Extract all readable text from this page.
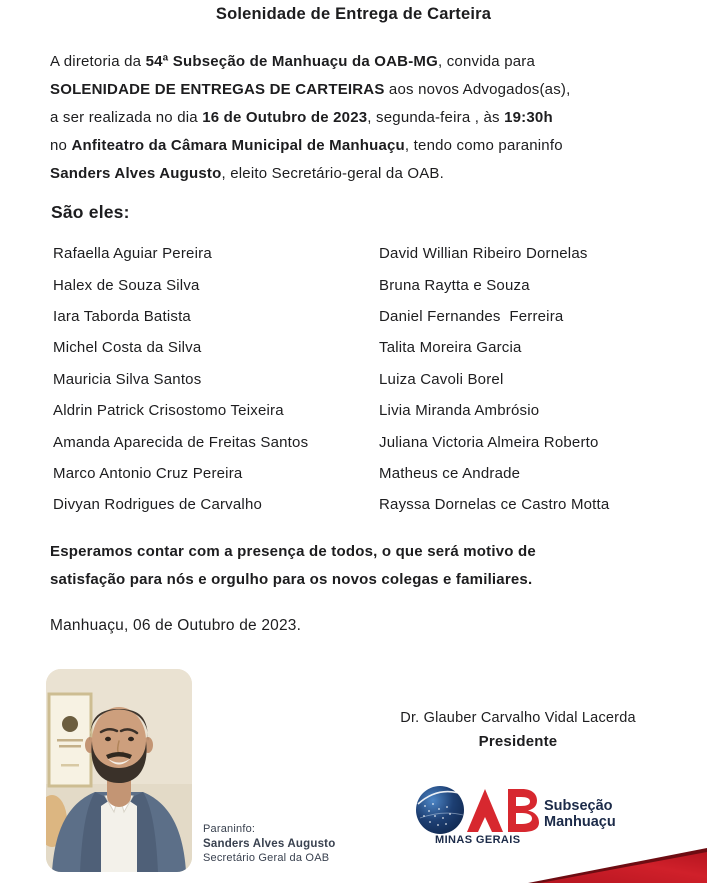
Solenidade de Entrega de Carteira

A diretoria da 54ª Subseção de Manhuaçu da OAB-MG, convida para
SOLENIDADE DE ENTREGAS DE CARTEIRAS aos novos Advogados(as),
a ser realizada no dia 16 de Outubro de 2023, segunda-feira , às 19:30h
no Anfiteatro da Câmara Municipal de Manhuaçu, tendo como paraninfo
Sanders Alves Augusto, eleito Secretário-geral da OAB.

São eles:
Rafaella Aguiar Pereira	David Willian Ribeiro Dornelas
Halex de Souza Silva	Bruna Raytta e Souza
Iara Taborda Batista	Daniel Fernandes  Ferreira
Michel Costa da Silva	Talita Moreira Garcia
Mauricia Silva Santos	Luiza Cavoli Borel
Aldrin Patrick Crisostomo Teixeira	Livia Miranda Ambrósio
Amanda Aparecida de Freitas Santos	Juliana Victoria Almeira Roberto
Marco Antonio Cruz Pereira	Matheus ce Andrade
Divyan Rodrigues de Carvalho	Rayssa Dornelas ce Castro Motta

Esperamos contar com a presença de todos, o que será motivo de
satisfação para nós e orgulho para os novos colegas e familiares.

Manhuaçu, 06 de Outubro de 2023.
Paraninfo:
Sanders Alves Augusto
Secretário Geral da OAB
Dr. Glauber Carvalho Vidal Lacerda
Presidente
MINAS GERAIS
Subseção
Manhuaçu
